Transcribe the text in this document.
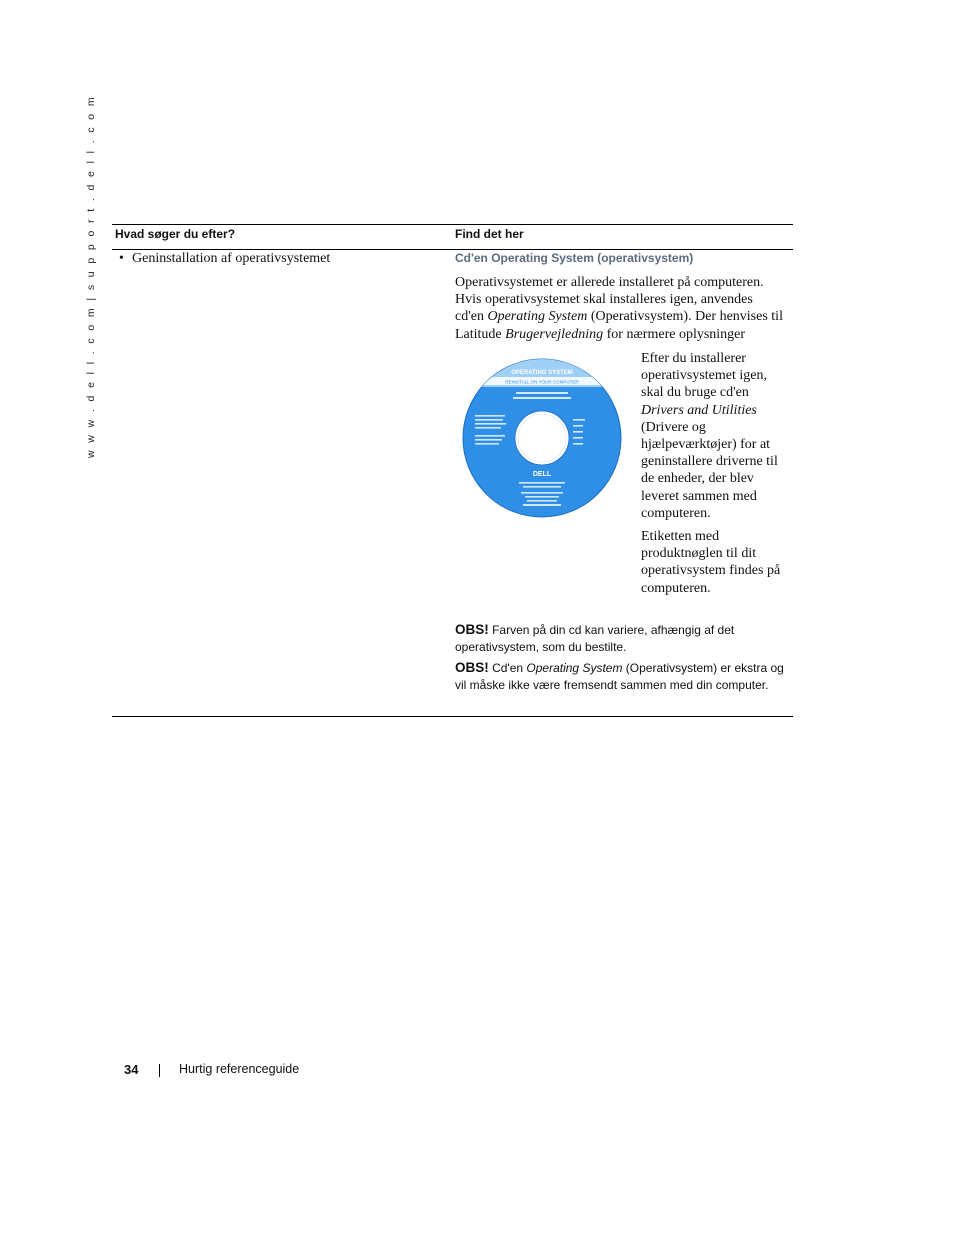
w w w . d e l l . c o m | s u p p o r t . d e l l . c o m Hvad søger du efter?	Find det her
• Geninstallation af operativsystemet	Cd'en Operating System (operativsystem)
Operativsystemet er allerede installeret på computeren. Hvis operativsystemet skal installeres igen, anvendes cd'en Operating System (Operativsystem). Der henvises til Latitude Brugervejledning for nærmere oplysninger
OPERATING SYSTEM
REINSTALL ON YOUR COMPUTER
DELL

Efter du installerer operativsystemet igen, skal du bruge cd'en Drivers and Utilities (Drivere og hjælpeværktøjer) for at geninstallere driverne til de enheder, der blev leveret sammen med computeren.

Etiketten med produktnøglen til dit operativsystem findes på computeren.

OBS! Farven på din cd kan variere, afhængig af det operativsystem, som du bestilte.
OBS! Cd'en Operating System (Operativsystem) er ekstra og vil måske ikke være fremsendt sammen med din computer.
34	Hurtig referenceguide
